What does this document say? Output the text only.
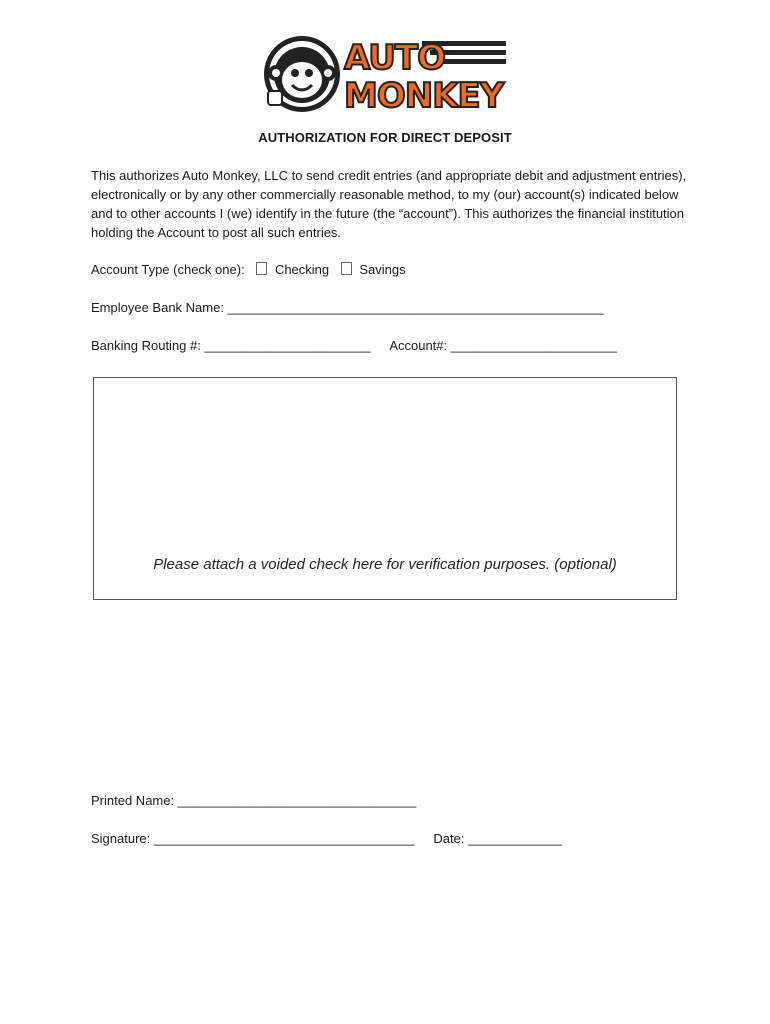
AUTO
MONKEY
AUTHORIZATION FOR DIRECT DEPOSIT
This authorizes Auto Monkey, LLC to send credit entries (and appropriate debit and adjustment entries), electronically or by any other commercially reasonable method, to my (our) account(s) indicated below and to other accounts I (we) identify in the future (the “account”). This authorizes the financial institution holding the Account to post all such entries.
Account Type (check one): Checking Savings
Employee Bank Name: ____________________________________________________
Banking Routing #: _______________________ Account#: _______________________
Please attach a voided check here for verification purposes. (optional)
Printed Name: _________________________________
Signature: ____________________________________ Date: _____________
